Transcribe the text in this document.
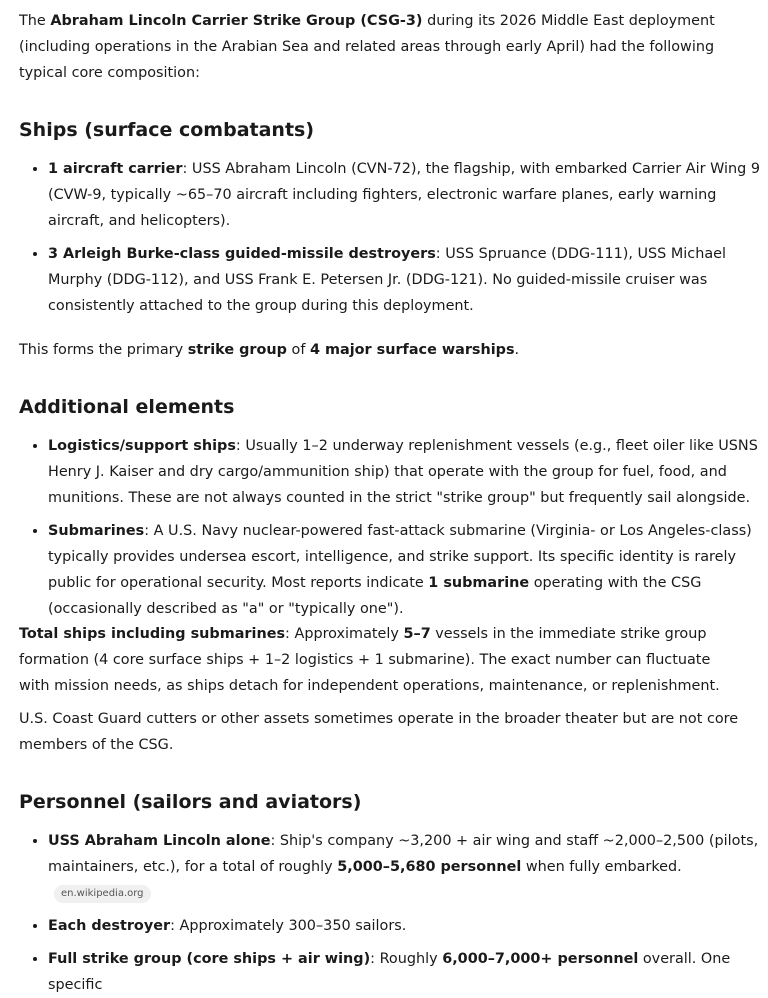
The Abraham Lincoln Carrier Strike Group (CSG-3) during its 2026 Middle East deployment (including operations in the Arabian Sea and related areas through early April) had the following typical core composition:

Ships (surface combatants)
• 1 aircraft carrier: USS Abraham Lincoln (CVN-72), the flagship, with embarked Carrier Air Wing 9 (CVW-9, typically ~65–70 aircraft including fighters, electronic warfare planes, early warning aircraft, and helicopters).
• 3 Arleigh Burke-class guided-missile destroyers: USS Spruance (DDG-111), USS Michael Murphy (DDG-112), and USS Frank E. Petersen Jr. (DDG-121). No guided-missile cruiser was consistently attached to the group during this deployment.

This forms the primary strike group of 4 major surface warships.

Additional elements
• Logistics/support ships: Usually 1–2 underway replenishment vessels (e.g., fleet oiler like USNS Henry J. Kaiser and dry cargo/ammunition ship) that operate with the group for fuel, food, and munitions. These are not always counted in the strict "strike group" but frequently sail alongside.
• Submarines: A U.S. Navy nuclear-powered fast-attack submarine (Virginia- or Los Angeles-class) typically provides undersea escort, intelligence, and strike support. Its specific identity is rarely public for operational security. Most reports indicate 1 submarine operating with the CSG (occasionally described as "a" or "typically one").

Total ships including submarines: Approximately 5–7 vessels in the immediate strike group formation (4 core surface ships + 1–2 logistics + 1 submarine). The exact number can fluctuate with mission needs, as ships detach for independent operations, maintenance, or replenishment.

U.S. Coast Guard cutters or other assets sometimes operate in the broader theater but are not core members of the CSG.

Personnel (sailors and aviators)
• USS Abraham Lincoln alone: Ship's company ~3,200 + air wing and staff ~2,000–2,500 (pilots, maintainers, etc.), for a total of roughly 5,000–5,680 personnel when fully embarked.en.wikipedia.org
• Each destroyer: Approximately 300–350 sailors.
• Full strike group (core ships + air wing): Roughly 6,000–7,000+ personnel overall. One specific
